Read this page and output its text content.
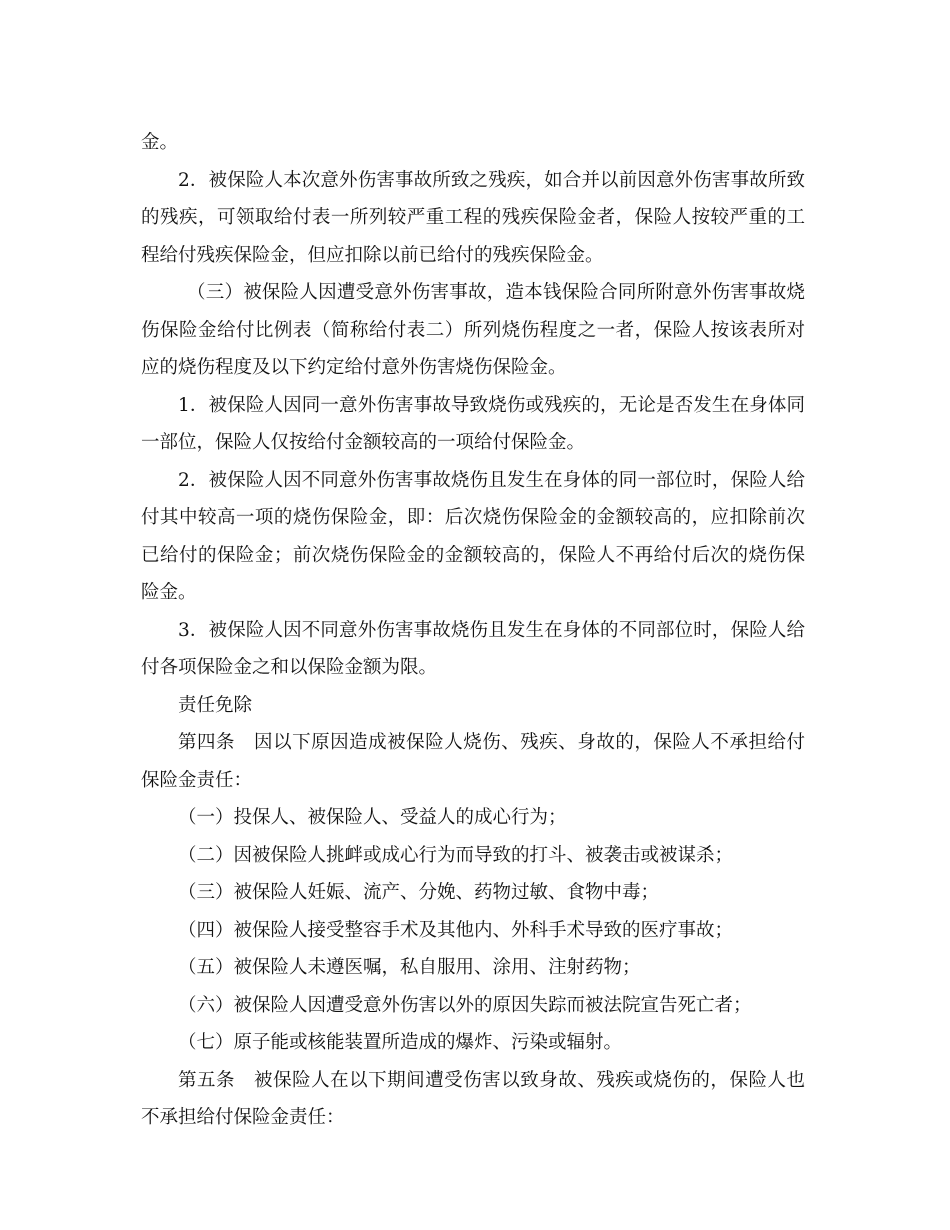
金。

2．被保险人本次意外伤害事故所致之残疾，如合并以前因意外伤害事故所致的残疾，可领取给付表一所列较严重工程的残疾保险金者，保险人按较严重的工程给付残疾保险金，但应扣除以前已给付的残疾保险金。

（三）被保险人因遭受意外伤害事故，造本钱保险合同所附意外伤害事故烧伤保险金给付比例表（简称给付表二）所列烧伤程度之一者，保险人按该表所对应的烧伤程度及以下约定给付意外伤害烧伤保险金。

1．被保险人因同一意外伤害事故导致烧伤或残疾的，无论是否发生在身体同一部位，保险人仅按给付金额较高的一项给付保险金。

2．被保险人因不同意外伤害事故烧伤且发生在身体的同一部位时，保险人给付其中较高一项的烧伤保险金，即：后次烧伤保险金的金额较高的，应扣除前次已给付的保险金；前次烧伤保险金的金额较高的，保险人不再给付后次的烧伤保险金。

3．被保险人因不同意外伤害事故烧伤且发生在身体的不同部位时，保险人给付各项保险金之和以保险金额为限。

责任免除

第四条　因以下原因造成被保险人烧伤、残疾、身故的，保险人不承担给付保险金责任：

（一）投保人、被保险人、受益人的成心行为；

（二）因被保险人挑衅或成心行为而导致的打斗、被袭击或被谋杀；

（三）被保险人妊娠、流产、分娩、药物过敏、食物中毒；

（四）被保险人接受整容手术及其他内、外科手术导致的医疗事故；

（五）被保险人未遵医嘱，私自服用、涂用、注射药物；

（六）被保险人因遭受意外伤害以外的原因失踪而被法院宣告死亡者；

（七）原子能或核能装置所造成的爆炸、污染或辐射。

第五条　被保险人在以下期间遭受伤害以致身故、残疾或烧伤的，保险人也不承担给付保险金责任：
